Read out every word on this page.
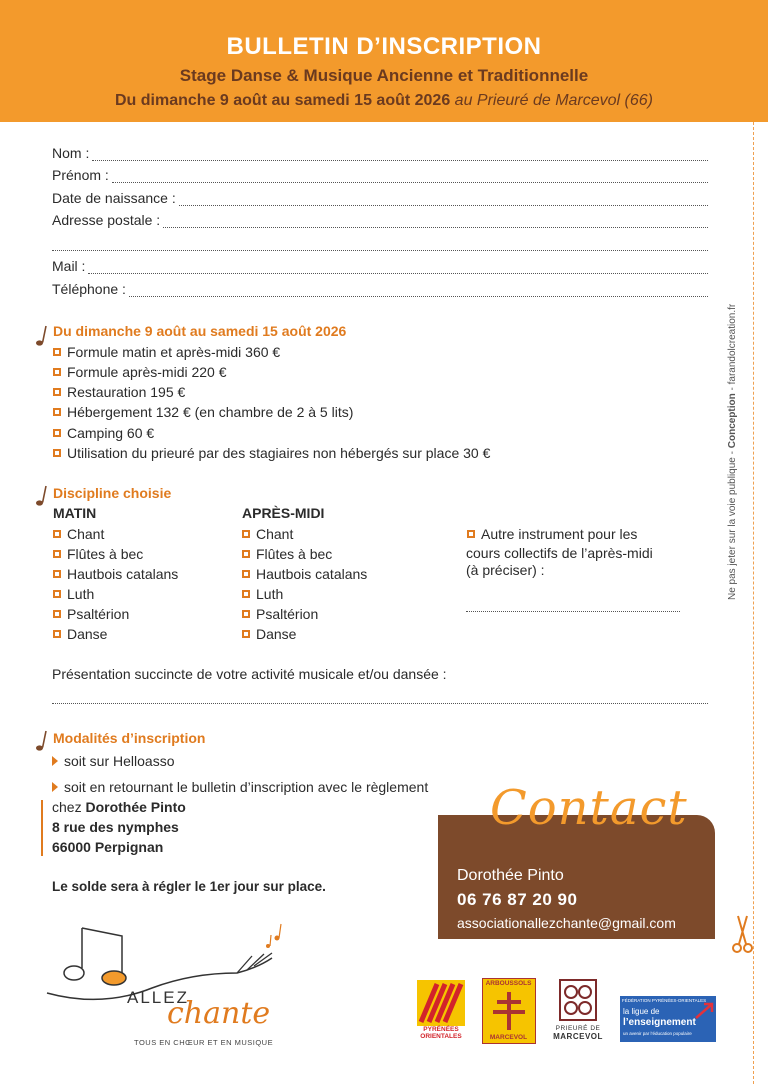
BULLETIN D’INSCRIPTION
Stage Danse & Musique Ancienne et Traditionnelle
Du dimanche 9 août au samedi 15 août 2026 au Prieuré de Marcevol (66)
Ne pas jeter sur la voie publique - Conception - farandolcreation.fr
Nom :
Prénom :
Date de naissance :
Adresse postale :
Mail :
Téléphone :
Du dimanche 9 août au samedi 15 août 2026
Formule matin et après-midi 360 €
Formule après-midi 220 €
Restauration 195 €
Hébergement 132 € (en chambre de 2 à 5 lits)
Camping 60 €
Utilisation du prieuré par des stagiaires non hébergés sur place 30 €
Discipline choisie
MATIN	APRÈS-MIDI
Chant
Flûtes à bec
Hautbois catalans
Luth
Psaltérion
Danse
Chant
Flûtes à bec
Hautbois catalans
Luth
Psaltérion
Danse
Autre instrument pour les
cours collectifs de l’après-midi
(à préciser) :
Présentation succincte de votre activité musicale et/ou dansée :
Modalités d’inscription
soit sur Helloasso
soit en retournant le bulletin d’inscription avec le règlement
chez Dorothée Pinto
8 rue des nymphes
66000 Perpignan
Le solde sera à régler le 1er jour sur place.
Contact
Dorothée Pinto
06 76 87 20 90
associationallezchante@gmail.com
ALLEZ
chante
TOUS EN CHŒUR ET EN MUSIQUE
PYRÉNÉES
ORIENTALES
ARBOUSSOLS
MARCEVOL
PRIEURÉ DE
MARCEVOL
FÉDÉRATION PYRÉNÉES-ORIENTALES
la ligue de
l’enseignement
un avenir par l’éducation populaire
